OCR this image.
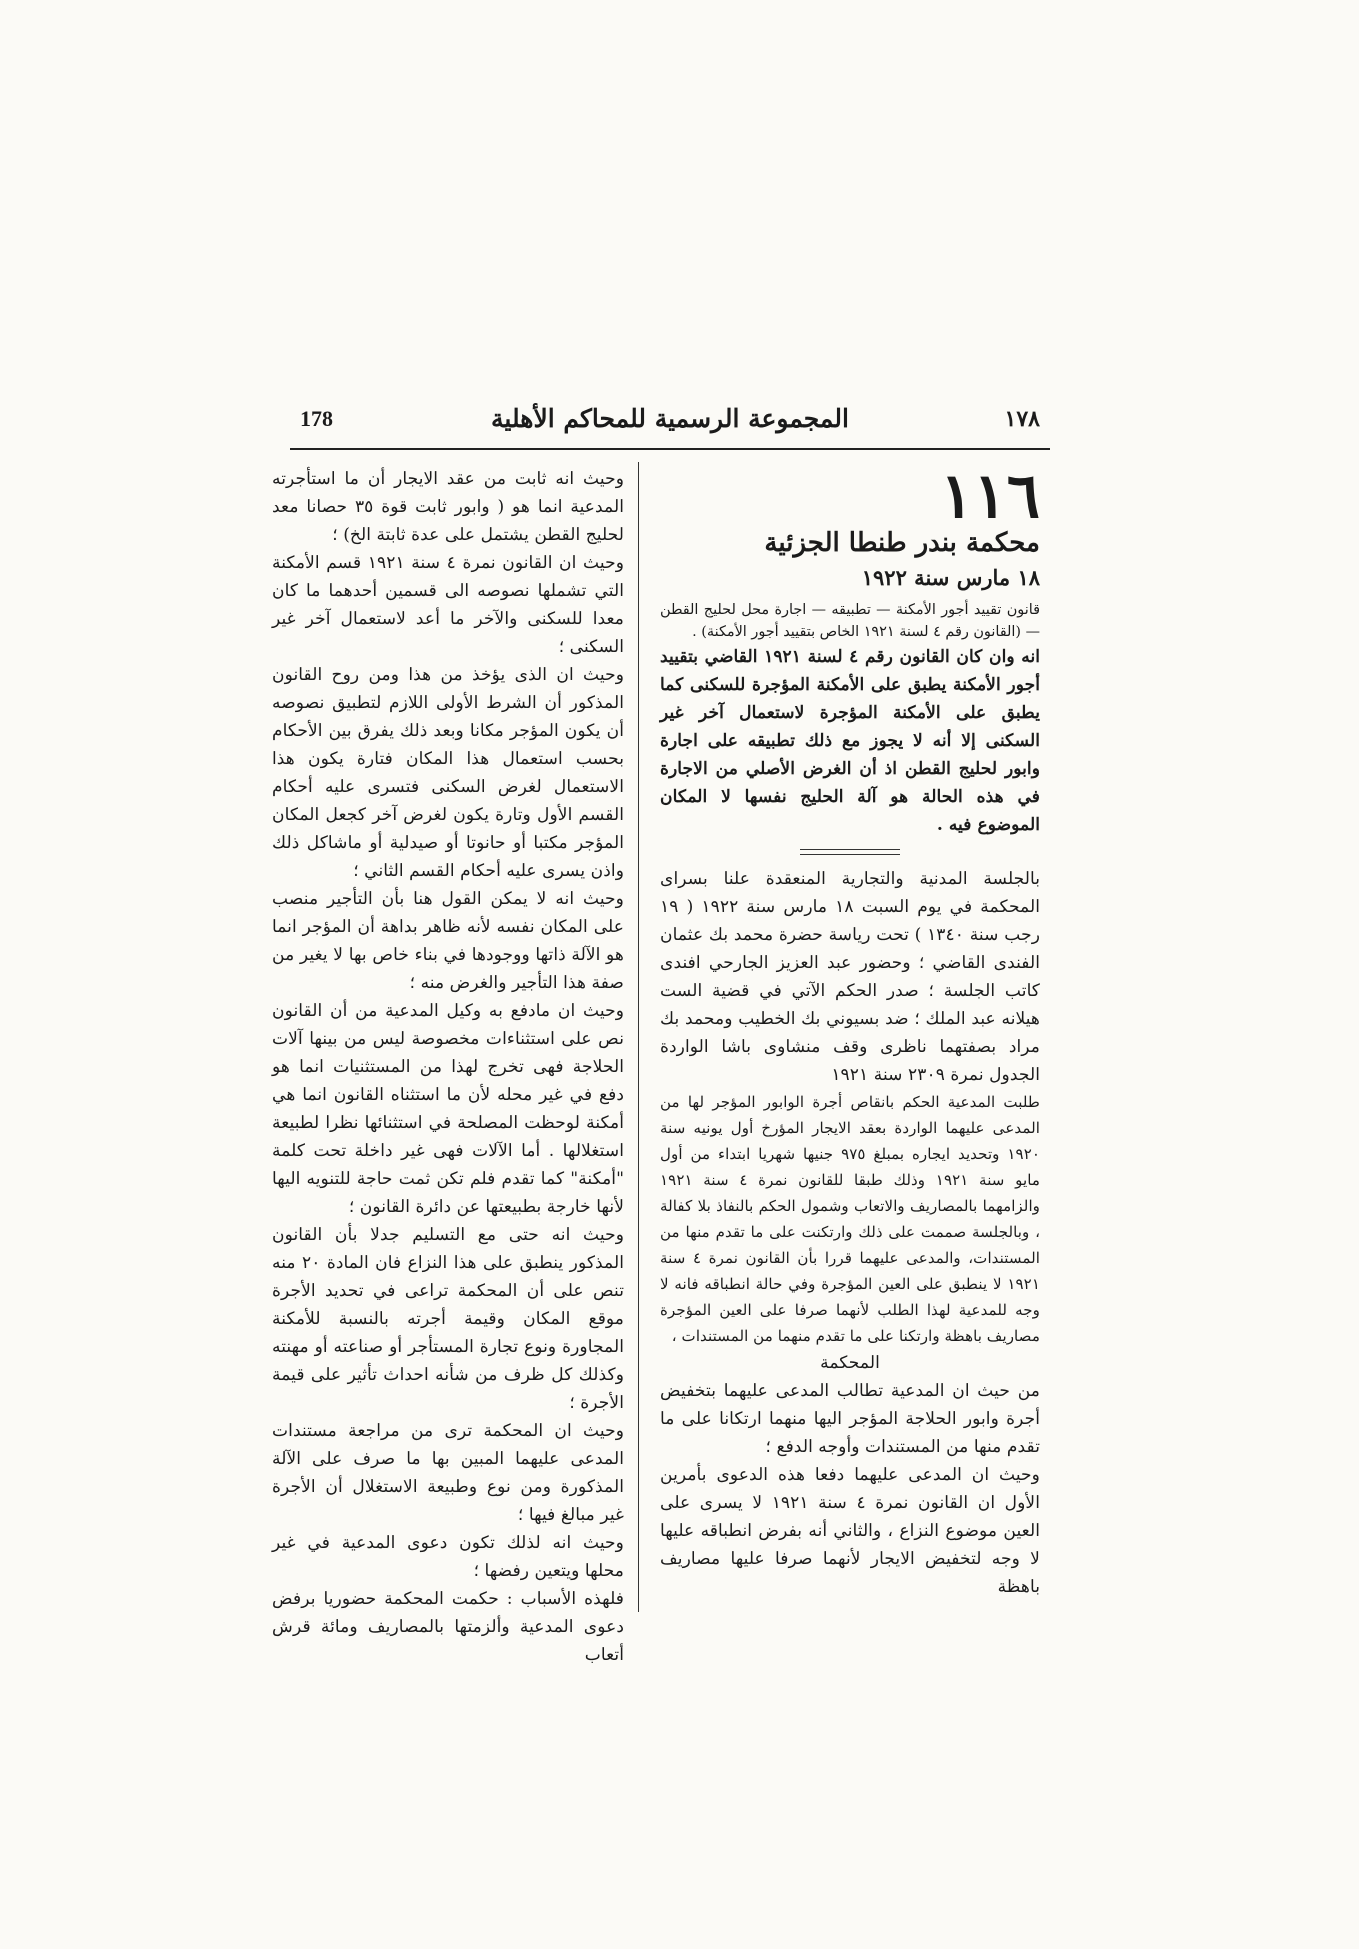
178	المجموعة الرسمية للمحاكم الأهلية	١٧٨
١١٦
محكمة بندر طنطا الجزئية
١٨ مارس سنة ١٩٢٢

قانون تقييد أجور الأمكنة — تطبيقه — اجارة محل لحليج القطن — (القانون رقم ٤ لسنة ١٩٢١ الخاص بتقييد أجور الأمكنة) .

انه وان كان القانون رقم ٤ لسنة ١٩٢١ القاضي بتقييد أجور الأمكنة يطبق على الأمكنة المؤجرة للسكنى كما يطبق على الأمكنة المؤجرة لاستعمال آخر غير السكنى إلا أنه لا يجوز مع ذلك تطبيقه على اجارة وابور لحليج القطن اذ أن الغرض الأصلي من الاجارة في هذه الحالة هو آلة الحليج نفسها لا المكان الموضوع فيه .

بالجلسة المدنية والتجارية المنعقدة علنا بسراى المحكمة في يوم السبت ١٨ مارس سنة ١٩٢٢ ( ١٩ رجب سنة ١٣٤٠ ) تحت رياسة حضرة محمد بك عثمان الفندى القاضي ؛ وحضور عبد العزيز الجارحي افندى كاتب الجلسة ؛ صدر الحكم الآتي في قضية الست هيلانه عبد الملك ؛ ضد بسيوني بك الخطيب ومحمد بك مراد بصفتهما ناظرى وقف منشاوى باشا الواردة الجدول نمرة ٢٣٠٩ سنة ١٩٢١

طلبت المدعية الحكم بانقاص أجرة الوابور المؤجر لها من المدعى عليهما الواردة بعقد الايجار المؤرخ أول يونيه سنة ١٩٢٠ وتحديد ايجاره بمبلغ ٩٧٥ جنيها شهريا ابتداء من أول مايو سنة ١٩٢١ وذلك طبقا للقانون نمرة ٤ سنة ١٩٢١ والزامهما بالمصاريف والاتعاب وشمول الحكم بالنفاذ بلا كفالة ، وبالجلسة صممت على ذلك وارتكنت على ما تقدم منها من المستندات، والمدعى عليهما قررا بأن القانون نمرة ٤ سنة ١٩٢١ لا ينطبق على العين المؤجرة وفي حالة انطباقه فانه لا وجه للمدعية لهذا الطلب لأنهما صرفا على العين المؤجرة مصاريف باهظة وارتكنا على ما تقدم منهما من المستندات ،

المحكمة

من حيث ان المدعية تطالب المدعى عليهما بتخفيض أجرة وابور الحلاجة المؤجر اليها منهما ارتكانا على ما تقدم منها من المستندات وأوجه الدفع ؛

وحيث ان المدعى عليهما دفعا هذه الدعوى بأمرين الأول ان القانون نمرة ٤ سنة ١٩٢١ لا يسرى على العين موضوع النزاع ، والثاني أنه بفرض انطباقه عليها لا وجه لتخفيض الايجار لأنهما صرفا عليها مصاريف باهظة

وحيث انه ثابت من عقد الايجار أن ما استأجرته المدعية انما هو ( وابور ثابت قوة ٣٥ حصانا معد لحليج القطن يشتمل على عدة ثابتة الخ) ؛

وحيث ان القانون نمرة ٤ سنة ١٩٢١ قسم الأمكنة التي تشملها نصوصه الى قسمين أحدهما ما كان معدا للسكنى والآخر ما أعد لاستعمال آخر غير السكنى ؛

وحيث ان الذى يؤخذ من هذا ومن روح القانون المذكور أن الشرط الأولى اللازم لتطبيق نصوصه أن يكون المؤجر مكانا وبعد ذلك يفرق بين الأحكام بحسب استعمال هذا المكان فتارة يكون هذا الاستعمال لغرض السكنى فتسرى عليه أحكام القسم الأول وتارة يكون لغرض آخر كجعل المكان المؤجر مكتبا أو حانوتا أو صيدلية أو ماشاكل ذلك واذن يسرى عليه أحكام القسم الثاني ؛

وحيث انه لا يمكن القول هنا بأن التأجير منصب على المكان نفسه لأنه ظاهر بداهة أن المؤجر انما هو الآلة ذاتها ووجودها في بناء خاص بها لا يغير من صفة هذا التأجير والغرض منه ؛

وحيث ان مادفع به وكيل المدعية من أن القانون نص على استثناءات مخصوصة ليس من بينها آلات الحلاجة فهى تخرج لهذا من المستثنيات انما هو دفع في غير محله لأن ما استثناه القانون انما هي أمكنة لوحظت المصلحة في استثنائها نظرا لطبيعة استغلالها . أما الآلات فهى غير داخلة تحت كلمة "أمكنة" كما تقدم فلم تكن ثمت حاجة للتنويه اليها لأنها خارجة بطبيعتها عن دائرة القانون ؛

وحيث انه حتى مع التسليم جدلا بأن القانون المذكور ينطبق على هذا النزاع فان المادة ٢٠ منه تنص على أن المحكمة تراعى في تحديد الأجرة موقع المكان وقيمة أجرته بالنسبة للأمكنة المجاورة ونوع تجارة المستأجر أو صناعته أو مهنته وكذلك كل ظرف من شأنه احداث تأثير على قيمة الأجرة ؛

وحيث ان المحكمة ترى من مراجعة مستندات المدعى عليهما المبين بها ما صرف على الآلة المذكورة ومن نوع وطبيعة الاستغلال أن الأجرة غير مبالغ فيها ؛

وحيث انه لذلك تكون دعوى المدعية في غير محلها ويتعين رفضها ؛

فلهذه الأسباب : حكمت المحكمة حضوريا برفض دعوى المدعية وألزمتها بالمصاريف ومائة قرش أتعاب
